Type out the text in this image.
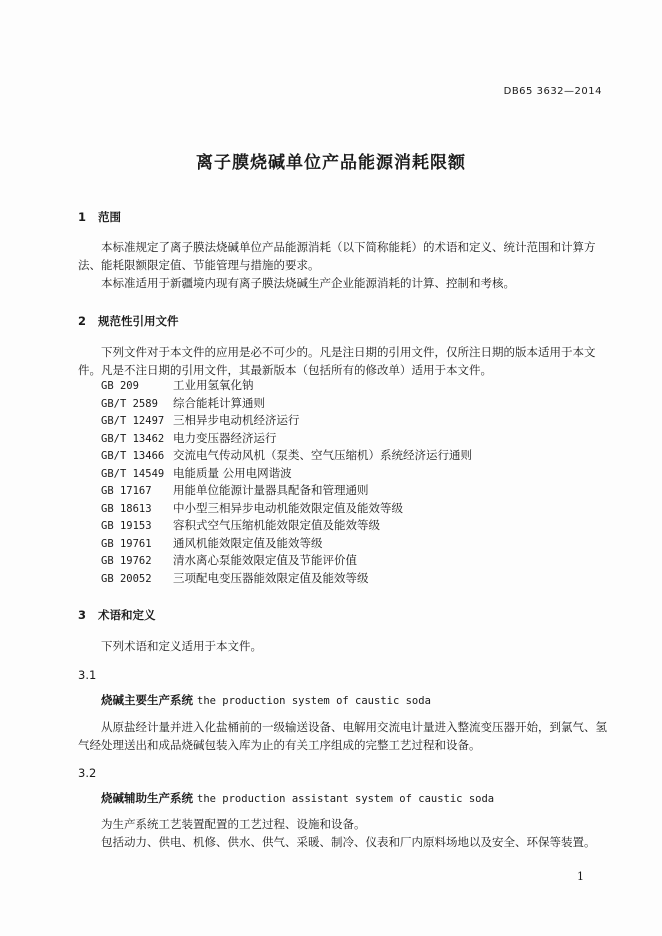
DB65 3632—2014
离子膜烧碱单位产品能源消耗限额
1 范围
本标准规定了离子膜法烧碱单位产品能源消耗（以下简称能耗）的术语和定义、统计范围和计算方法、能耗限额限定值、节能管理与措施的要求。
本标准适用于新疆境内现有离子膜法烧碱生产企业能源消耗的计算、控制和考核。
2 规范性引用文件
下列文件对于本文件的应用是必不可少的。凡是注日期的引用文件，仅所注日期的版本适用于本文件。凡是不注日期的引用文件，其最新版本（包括所有的修改单）适用于本文件。
GB 209	工业用氢氧化钠
GB/T 2589 综合能耗计算通则
GB/T 12497 三相异步电动机经济运行
GB/T 13462 电力变压器经济运行
GB/T 13466 交流电气传动风机（泵类、空气压缩机）系统经济运行通则
GB/T 14549 电能质量 公用电网谐波
GB 17167 用能单位能源计量器具配备和管理通则
GB 18613 中小型三相异步电动机能效限定值及能效等级
GB 19153 容积式空气压缩机能效限定值及能效等级
GB 19761 通风机能效限定值及能效等级
GB 19762 清水离心泵能效限定值及节能评价值
GB 20052 三项配电变压器能效限定值及能效等级
3 术语和定义
下列术语和定义适用于本文件。
3.1
烧碱主要生产系统 the production system of caustic soda
从原盐经计量并进入化盐桶前的一级输送设备、电解用交流电计量进入整流变压器开始，到氯气、氢气经处理送出和成品烧碱包装入库为止的有关工序组成的完整工艺过程和设备。
3.2
烧碱辅助生产系统 the production assistant system of caustic soda
为生产系统工艺装置配置的工艺过程、设施和设备。
包括动力、供电、机修、供水、供气、采暖、制冷、仪表和厂内原料场地以及安全、环保等装置。
1
